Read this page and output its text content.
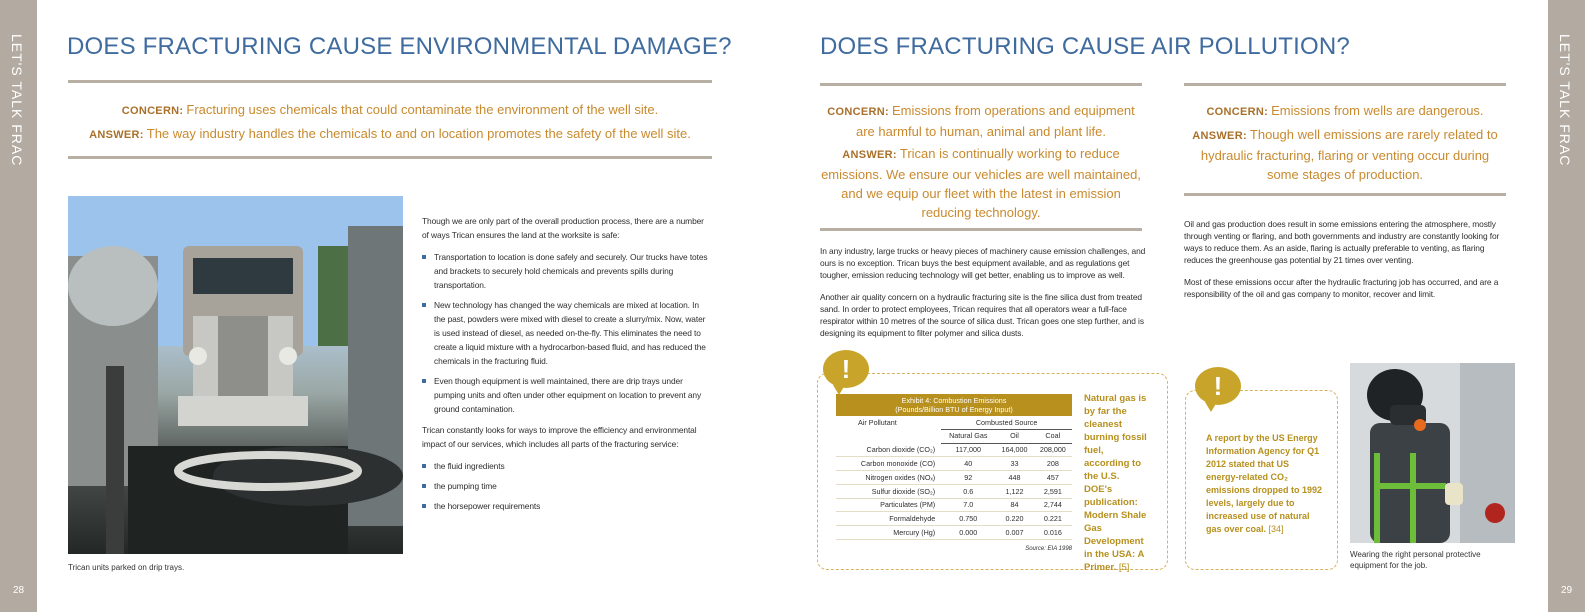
LET'S TALK FRAC
28
LET'S TALK FRAC
29
DOES FRACTURING CAUSE ENVIRONMENTAL DAMAGE?

CONCERN: Fracturing uses chemicals that could contaminate the environment of the well site.

ANSWER: The way industry handles the chemicals to and on location promotes the safety of the well site.

Trican units parked on drip trays.

Though we are only part of the overall production process, there are a number of ways Trican ensures the land at the worksite is safe:

Transportation to location is done safely and securely. Our trucks have totes and brackets to securely hold chemicals and prevents spills during transportation.
New technology has changed the way chemicals are mixed at location. In the past, powders were mixed with diesel to create a slurry/mix. Now, water is used instead of diesel, as needed on-the-fly. This eliminates the need to create a liquid mixture with a hydrocarbon-based fluid, and has reduced the chemicals in the fracturing fluid.
Even though equipment is well maintained, there are drip trays under pumping units and often under other equipment on location to prevent any ground contamination.

Trican constantly looks for ways to improve the efficiency and environmental impact of our services, which includes all parts of the fracturing service:

the fluid ingredients
the pumping time
the horsepower requirements
DOES FRACTURING CAUSE AIR POLLUTION?

CONCERN: Emissions from operations and equipment are harmful to human, animal and plant life.

ANSWER: Trican is continually working to reduce emissions. We ensure our vehicles are well maintained, and we equip our fleet with the latest in emission reducing technology.

CONCERN: Emissions from wells are dangerous.

ANSWER: Though well emissions are rarely related to hydraulic fracturing, flaring or venting occur during some stages of production.

In any industry, large trucks or heavy pieces of machinery cause emission challenges, and ours is no exception. Trican buys the best equipment available, and as regulations get tougher, emission reducing technology will get better, enabling us to improve as well.

Another air quality concern on a hydraulic fracturing site is the fine silica dust from treated sand. In order to protect employees, Trican requires that all operators wear a full-face respirator within 10 metres of the source of silica dust. Trican goes one step further, and is designing its equipment to filter polymer and silica dusts.

Oil and gas production does result in some emissions entering the atmosphere, mostly through venting or flaring, and both governments and industry are constantly looking for ways to reduce them. As an aside, flaring is actually preferable to venting, as flaring reduces the greenhouse gas potential by 21 times over venting.

Most of these emissions occur after the hydraulic fracturing job has occurred, and are a responsibility of the oil and gas company to monitor, recover and limit.

!
Exhibit 4: Combustion Emissions
(Pounds/Billion BTU of Energy Input)
Air Pollutant	Combusted Source		
	Natural Gas	Oil	Coal
Carbon dioxide (CO₂)	117,000	164,000	208,000
Carbon monoxide (CO)	40	33	208
Nitrogen oxides (NOₓ)	92	448	457
Sulfur dioxide (SO₂)	0.6	1,122	2,591
Particulates (PM)	7.0	84	2,744
Formaldehyde	0.750	0.220	0.221
Mercury (Hg)	0.000	0.007	0.016
Source: EIA 1998
Natural gas is by far the cleanest burning fossil fuel, according to the U.S. DOE's publication: Modern Shale Gas Development in the USA: A Primer. [5]
!
A report by the US Energy Information Agency for Q1 2012 stated that US energy-related CO₂ emissions dropped to 1992 levels, largely due to increased use of natural gas over coal. [34]
Wearing the right personal protective equipment for the job.
